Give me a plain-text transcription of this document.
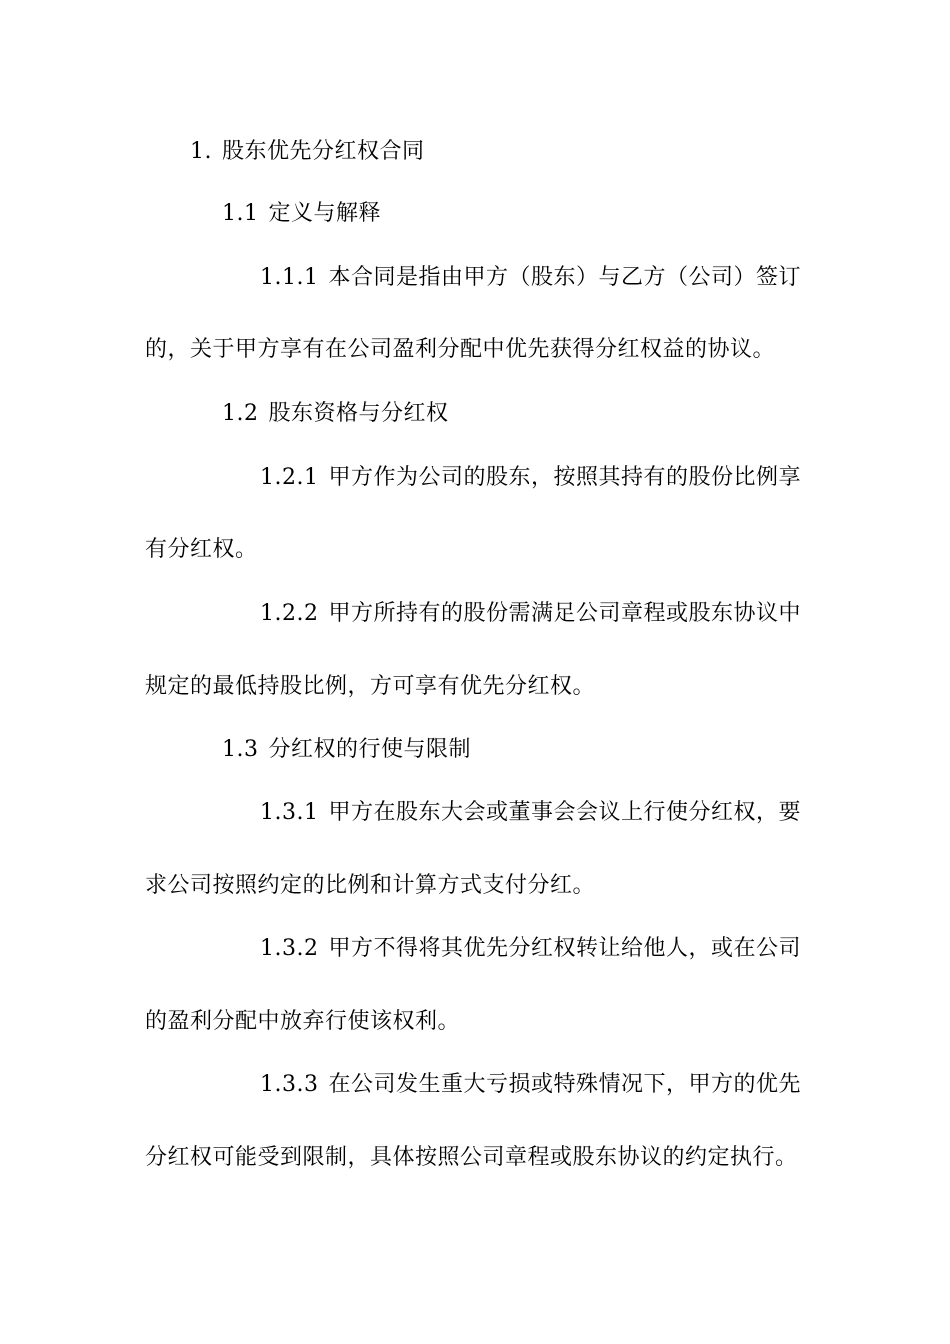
1. 股东优先分红权合同
1.1 定义与解释
1.1.1 本合同是指由甲方（股东）与乙方（公司）签订
的，关于甲方享有在公司盈利分配中优先获得分红权益的协议。
1.2 股东资格与分红权
1.2.1 甲方作为公司的股东，按照其持有的股份比例享
有分红权。
1.2.2 甲方所持有的股份需满足公司章程或股东协议中
规定的最低持股比例，方可享有优先分红权。
1.3 分红权的行使与限制
1.3.1 甲方在股东大会或董事会会议上行使分红权，要
求公司按照约定的比例和计算方式支付分红。
1.3.2 甲方不得将其优先分红权转让给他人，或在公司
的盈利分配中放弃行使该权利。
1.3.3 在公司发生重大亏损或特殊情况下，甲方的优先
分红权可能受到限制，具体按照公司章程或股东协议的约定执行。
